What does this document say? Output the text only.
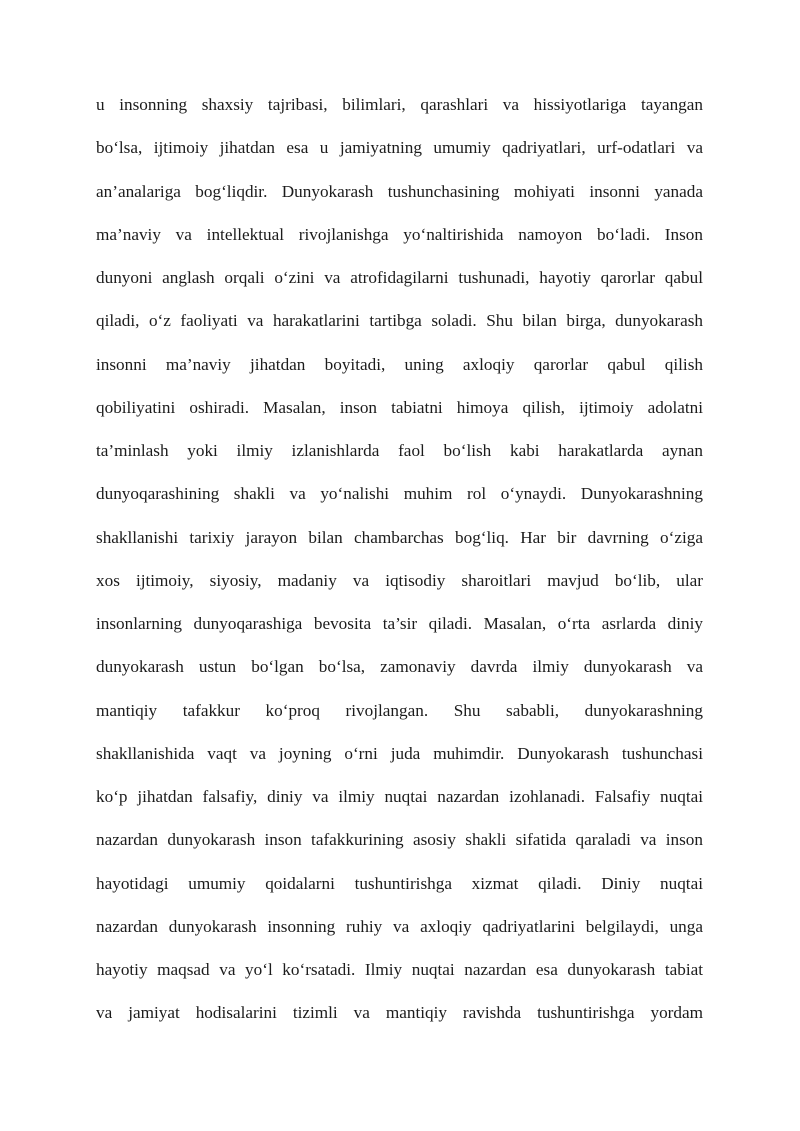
u insonning shaxsiy tajribasi, bilimlari, qarashlari va hissiyotlariga tayangan
bo‘lsa, ijtimoiy jihatdan esa u jamiyatning umumiy qadriyatlari, urf-odatlari va
an’analariga bog‘liqdir. Dunyokarash tushunchasining mohiyati insonni yanada
ma’naviy va intellektual rivojlanishga yo‘naltirishida namoyon bo‘ladi. Inson
dunyoni anglash orqali o‘zini va atrofidagilarni tushunadi, hayotiy qarorlar qabul
qiladi, o‘z faoliyati va harakatlarini tartibga soladi. Shu bilan birga, dunyokarash
insonni ma’naviy jihatdan boyitadi, uning axloqiy qarorlar qabul qilish
qobiliyatini oshiradi. Masalan, inson tabiatni himoya qilish, ijtimoiy adolatni
ta’minlash yoki ilmiy izlanishlarda faol bo‘lish kabi harakatlarda aynan
dunyoqarashining shakli va yo‘nalishi muhim rol o‘ynaydi. Dunyokarashning
shakllanishi tarixiy jarayon bilan chambarchas bog‘liq. Har bir davrning o‘ziga
xos ijtimoiy, siyosiy, madaniy va iqtisodiy sharoitlari mavjud bo‘lib, ular
insonlarning dunyoqarashiga bevosita ta’sir qiladi. Masalan, o‘rta asrlarda diniy
dunyokarash ustun bo‘lgan bo‘lsa, zamonaviy davrda ilmiy dunyokarash va
mantiqiy tafakkur ko‘proq rivojlangan. Shu sababli, dunyokarashning
shakllanishida vaqt va joyning o‘rni juda muhimdir. Dunyokarash tushunchasi
ko‘p jihatdan falsafiy, diniy va ilmiy nuqtai nazardan izohlanadi. Falsafiy nuqtai
nazardan dunyokarash inson tafakkurining asosiy shakli sifatida qaraladi va inson
hayotidagi umumiy qoidalarni tushuntirishga xizmat qiladi. Diniy nuqtai
nazardan dunyokarash insonning ruhiy va axloqiy qadriyatlarini belgilaydi, unga
hayotiy maqsad va yo‘l ko‘rsatadi. Ilmiy nuqtai nazardan esa dunyokarash tabiat
va jamiyat hodisalarini tizimli va mantiqiy ravishda tushuntirishga yordam
